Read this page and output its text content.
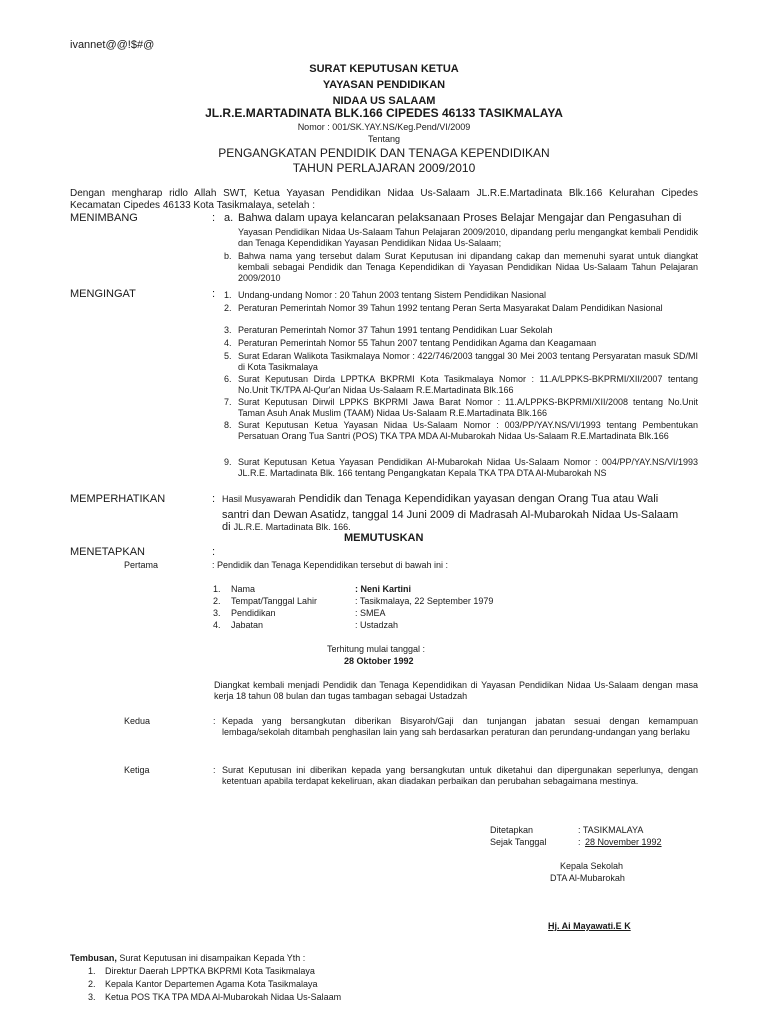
ivannet@@!$#@
SURAT KEPUTUSAN KETUA
YAYASAN PENDIDIKAN
NIDAA US SALAAM
JL.R.E.MARTADINATA BLK.166 CIPEDES 46133 TASIKMALAYA
Nomor : 001/SK.YAY.NS/Keg.Pend/VI/2009
Tentang
PENGANGKATAN PENDIDIK DAN TENAGA KEPENDIDIKAN
TAHUN PERLAJARAN 2009/2010
Dengan mengharap ridlo Allah SWT, Ketua Yayasan Pendidikan Nidaa Us-Salaam JL.R.E.Martadinata Blk.166 Kelurahan Cipedes Kecamatan Cipedes 46133 Kota Tasikmalaya, setelah :
MENIMBANG	: a. Bahwa dalam upaya kelancaran pelaksanaan Proses Belajar Mengajar dan Pengasuhan di
Yayasan Pendidikan Nidaa Us-Salaam Tahun Pelajaran 2009/2010, dipandang perlu mengangkat kembali Pendidik dan Tenaga Kependidikan Yayasan Pendidikan Nidaa Us-Salaam;
b. Bahwa nama yang tersebut dalam Surat Keputusan ini dipandang cakap dan memenuhi syarat untuk diangkat kembali sebagai Pendidik dan Tenaga Kependidikan di Yayasan Pendidikan Nidaa Us-Salaam Tahun Pelajaran 2009/2010
MENGINGAT	: 1. Undang-undang Nomor : 20 Tahun 2003 tentang Sistem Pendidikan Nasional
2. Peraturan Pemerintah Nomor 39 Tahun 1992 tentang Peran Serta Masyarakat Dalam Pendidikan Nasional
3. Peraturan Pemerintah Nomor 37 Tahun 1991 tentang Pendidikan Luar Sekolah
4. Peraturan Pemerintah Nomor 55 Tahun 2007 tentang Pendidikan Agama dan Keagamaan
5. Surat Edaran Walikota Tasikmalaya Nomor : 422/746/2003 tanggal 30 Mei 2003 tentang Persyaratan masuk SD/MI di Kota Tasikmalaya
6. Surat Keputusan Dirda LPPTKA BKPRMI Kota Tasikmalaya Nomor : 11.A/LPPKS-BKPRMI/XII/2007 tentang No.Unit TK/TPA Al-Qur'an Nidaa Us-Salaam R.E.Martadinata Blk.166
7. Surat Keputusan Dirwil LPPKS BKPRMI Jawa Barat Nomor : 11.A/LPPKS-BKPRMI/XII/2008 tentang No.Unit Taman Asuh Anak Muslim (TAAM) Nidaa Us-Salaam R.E.Martadinata Blk.166
8. Surat Keputusan Ketua Yayasan Nidaa Us-Salaam Nomor : 003/PP/YAY.NS/VI/1993 tentang Pembentukan Persatuan Orang Tua Santri (POS) TKA TPA MDA Al-Mubarokah Nidaa Us-Salaam R.E.Martadinata Blk.166
9. Surat Keputusan Ketua Yayasan Pendidikan Al-Mubarokah Nidaa Us-Salaam Nomor : 004/PP/YAY.NS/VI/1993 JL.R.E. Martadinata Blk. 166 tentang Pengangkatan Kepala TKA TPA DTA Al-Mubarokah NS
MEMPERHATIKAN	: Hasil Musyawarah Pendidik dan Tenaga Kependidikan yayasan dengan Orang Tua atau Wali
santri dan Dewan Asatidz, tanggal 14 Juni 2009 di Madrasah Al-Mubarokah Nidaa Us-Salaam
di JL.R.E. Martadinata Blk. 166.
MEMUTUSKAN
MENETAPKAN	:
Pertama	: Pendidik dan Tenaga Kependidikan tersebut di bawah ini :
1. Nama	: Neni Kartini
2. Tempat/Tanggal Lahir	: Tasikmalaya, 22 September 1979
3. Pendidikan	: SMEA
4. Jabatan	: Ustadzah
Terhitung mulai tanggal :
28 Oktober 1992
Diangkat kembali menjadi Pendidik dan Tenaga Kependidikan di Yayasan Pendidikan Nidaa Us-Salaam dengan masa kerja 18 tahun 08 bulan dan tugas tambagan sebagai Ustadzah
Kedua	: Kepada yang bersangkutan diberikan Bisyaroh/Gaji dan tunjangan jabatan sesuai dengan kemampuan lembaga/sekolah ditambah penghasilan lain yang sah berdasarkan peraturan dan perundang-undangan yang berlaku
Ketiga	: Surat Keputusan ini diberikan kepada yang bersangkutan untuk diketahui dan dipergunakan seperlunya, dengan ketentuan apabila terdapat kekeliruan, akan diadakan perbaikan dan perubahan sebagaimana mestinya.
Ditetapkan	: TASIKMALAYA
Sejak Tanggal	: 28 November 1992
Kepala Sekolah
DTA Al-Mubarokah
Hj. Ai Mayawati.E K
Tembusan, Surat Keputusan ini disampaikan Kepada Yth :
1. Direktur Daerah LPPTKA BKPRMI Kota Tasikmalaya
2. Kepala Kantor Departemen Agama Kota Tasikmalaya
3. Ketua POS TKA TPA MDA Al-Mubarokah Nidaa Us-Salaam
